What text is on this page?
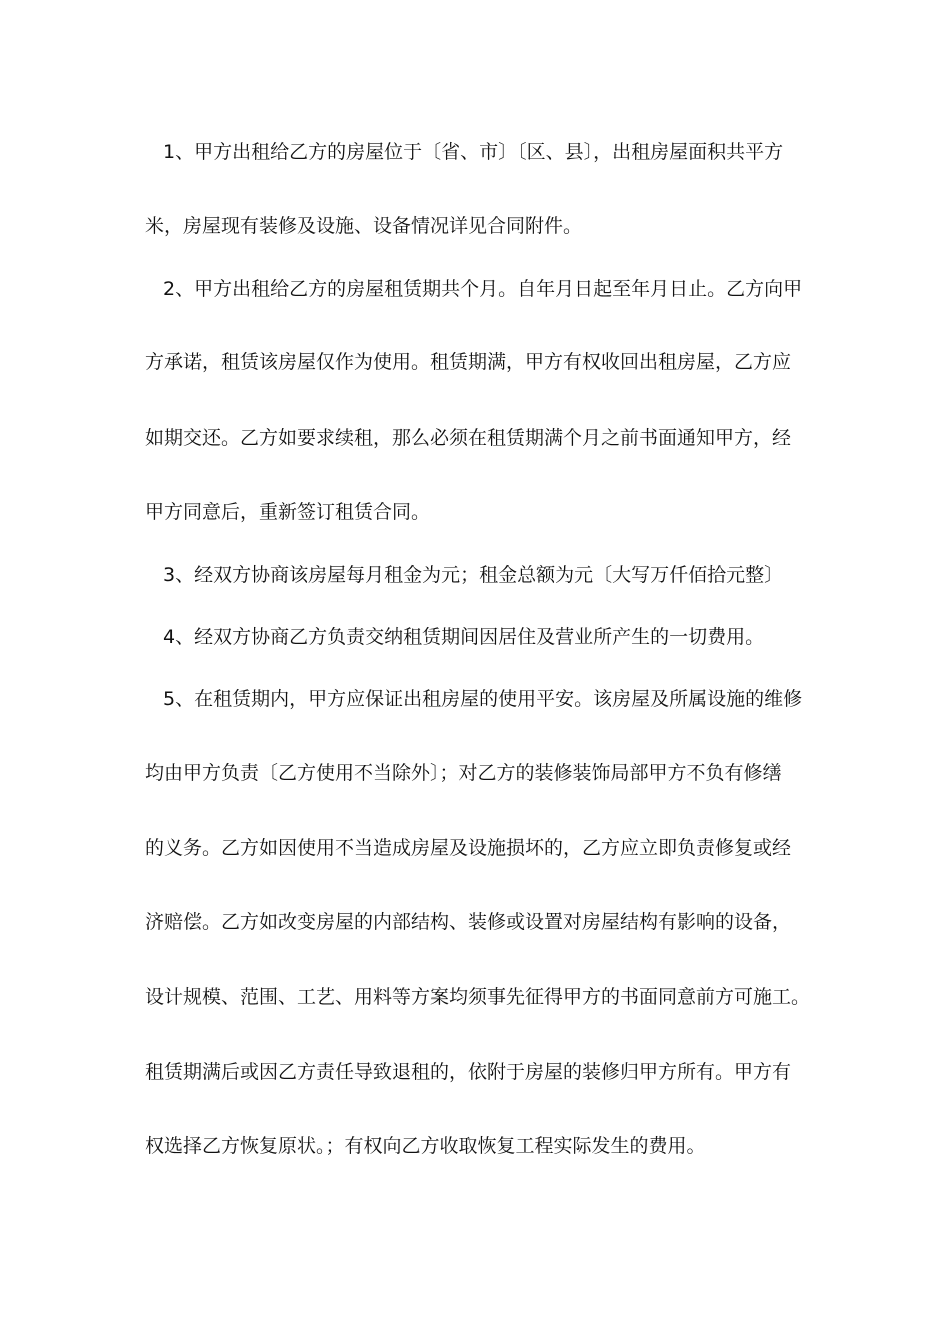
1、甲方出租给乙方的房屋位于〔省、市〕〔区、县〕，出租房屋面积共平方
米，房屋现有装修及设施、设备情况详见合同附件。
2、甲方出租给乙方的房屋租赁期共个月。自年月日起至年月日止。乙方向甲
方承诺，租赁该房屋仅作为使用。租赁期满，甲方有权收回出租房屋，乙方应
如期交还。乙方如要求续租，那么必须在租赁期满个月之前书面通知甲方，经
甲方同意后，重新签订租赁合同。
3、经双方协商该房屋每月租金为元；租金总额为元〔大写万仟佰拾元整〕
4、经双方协商乙方负责交纳租赁期间因居住及营业所产生的一切费用。
5、在租赁期内，甲方应保证出租房屋的使用平安。该房屋及所属设施的维修
均由甲方负责〔乙方使用不当除外〕；对乙方的装修装饰局部甲方不负有修缮
的义务。乙方如因使用不当造成房屋及设施损坏的，乙方应立即负责修复或经
济赔偿。乙方如改变房屋的内部结构、装修或设置对房屋结构有影响的设备，
设计规模、范围、工艺、用料等方案均须事先征得甲方的书面同意前方可施工。
租赁期满后或因乙方责任导致退租的，依附于房屋的装修归甲方所有。甲方有
权选择乙方恢复原状。；有权向乙方收取恢复工程实际发生的费用。
